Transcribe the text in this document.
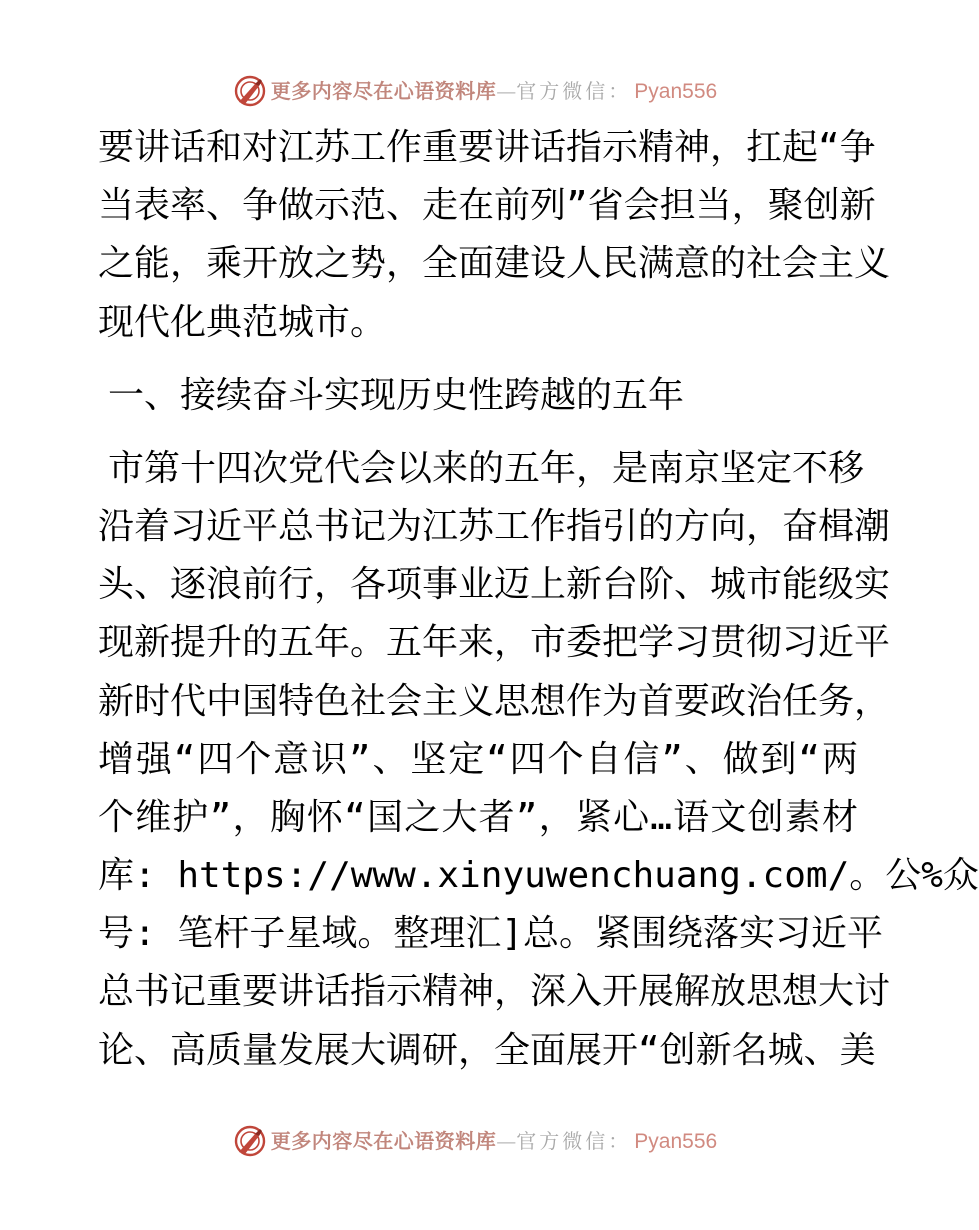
更多内容尽在心语资料库 — 官方微信 ： Pyan556
要讲话和对江苏工作重要讲话指示精神，扛起“争
当表率、争做示范、走在前列”省会担当，聚创新
之能，乘开放之势，全面建设人民满意的社会主义
现代化典范城市。
一、接续奋斗实现历史性跨越的五年
市第十四次党代会以来的五年，是南京坚定不移
沿着习近平总书记为江苏工作指引的方向，奋楫潮
头、逐浪前行，各项事业迈上新台阶、城市能级实
现新提升的五年。五年来，市委把学习贯彻习近平
新时代中国特色社会主义思想作为首要政治任务，
增强“四个意识”、坚定“四个自信”、做到“两
个维护”，胸怀“国之大者”，紧心…语文创素材
库: https://www.xinyuwenchuang.com/。公%众
号: 笔杆子星域。整理汇]总。紧围绕落实习近平
总书记重要讲话指示精神，深入开展解放思想大讨
论、高质量发展大调研，全面展开“创新名城、美
更多内容尽在心语资料库 — 官方微信 ： Pyan556
